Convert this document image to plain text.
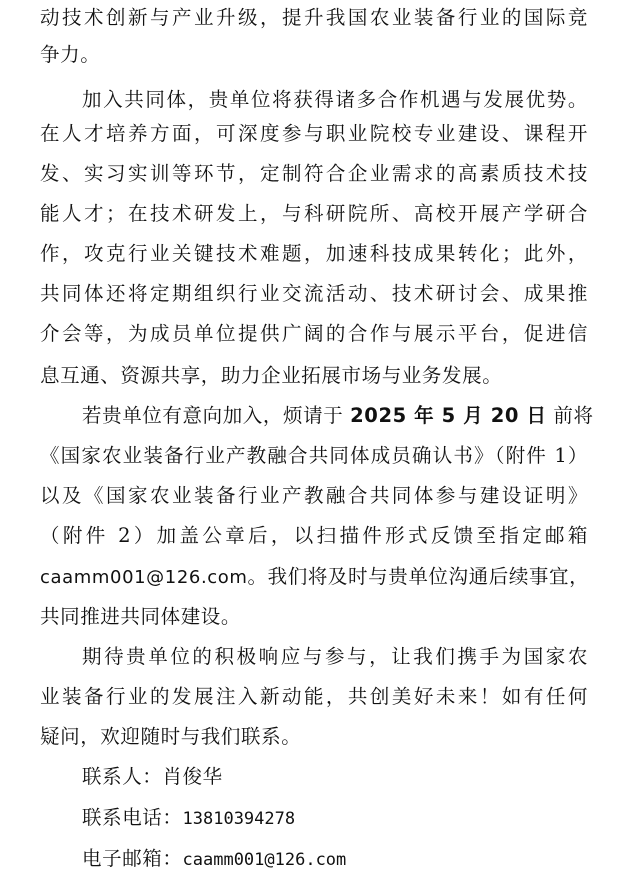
动技术创新与产业升级，提升我国农业装备行业的国际竞
争力。
加入共同体，贵单位将获得诸多合作机遇与发展优势。
在人才培养方面，可深度参与职业院校专业建设、课程开
发、实习实训等环节，定制符合企业需求的高素质技术技
能人才；在技术研发上，与科研院所、高校开展产学研合
作，攻克行业关键技术难题，加速科技成果转化；此外，
共同体还将定期组织行业交流活动、技术研讨会、成果推
介会等，为成员单位提供广阔的合作与展示平台，促进信
息互通、资源共享，助力企业拓展市场与业务发展。
若贵单位有意向加入，烦请于 2025 年 5 月 20 日 前将
《国家农业装备行业产教融合共同体成员确认书》（附件 1）
以及《国家农业装备行业产教融合共同体参与建设证明》
（附件 2）加盖公章后，以扫描件形式反馈至指定邮箱
caamm001@126.com。我们将及时与贵单位沟通后续事宜，
共同推进共同体建设。
期待贵单位的积极响应与参与，让我们携手为国家农
业装备行业的发展注入新动能，共创美好未来！如有任何
疑问，欢迎随时与我们联系。
联系人：肖俊华
联系电话：13810394278
电子邮箱：caamm001@126.com
